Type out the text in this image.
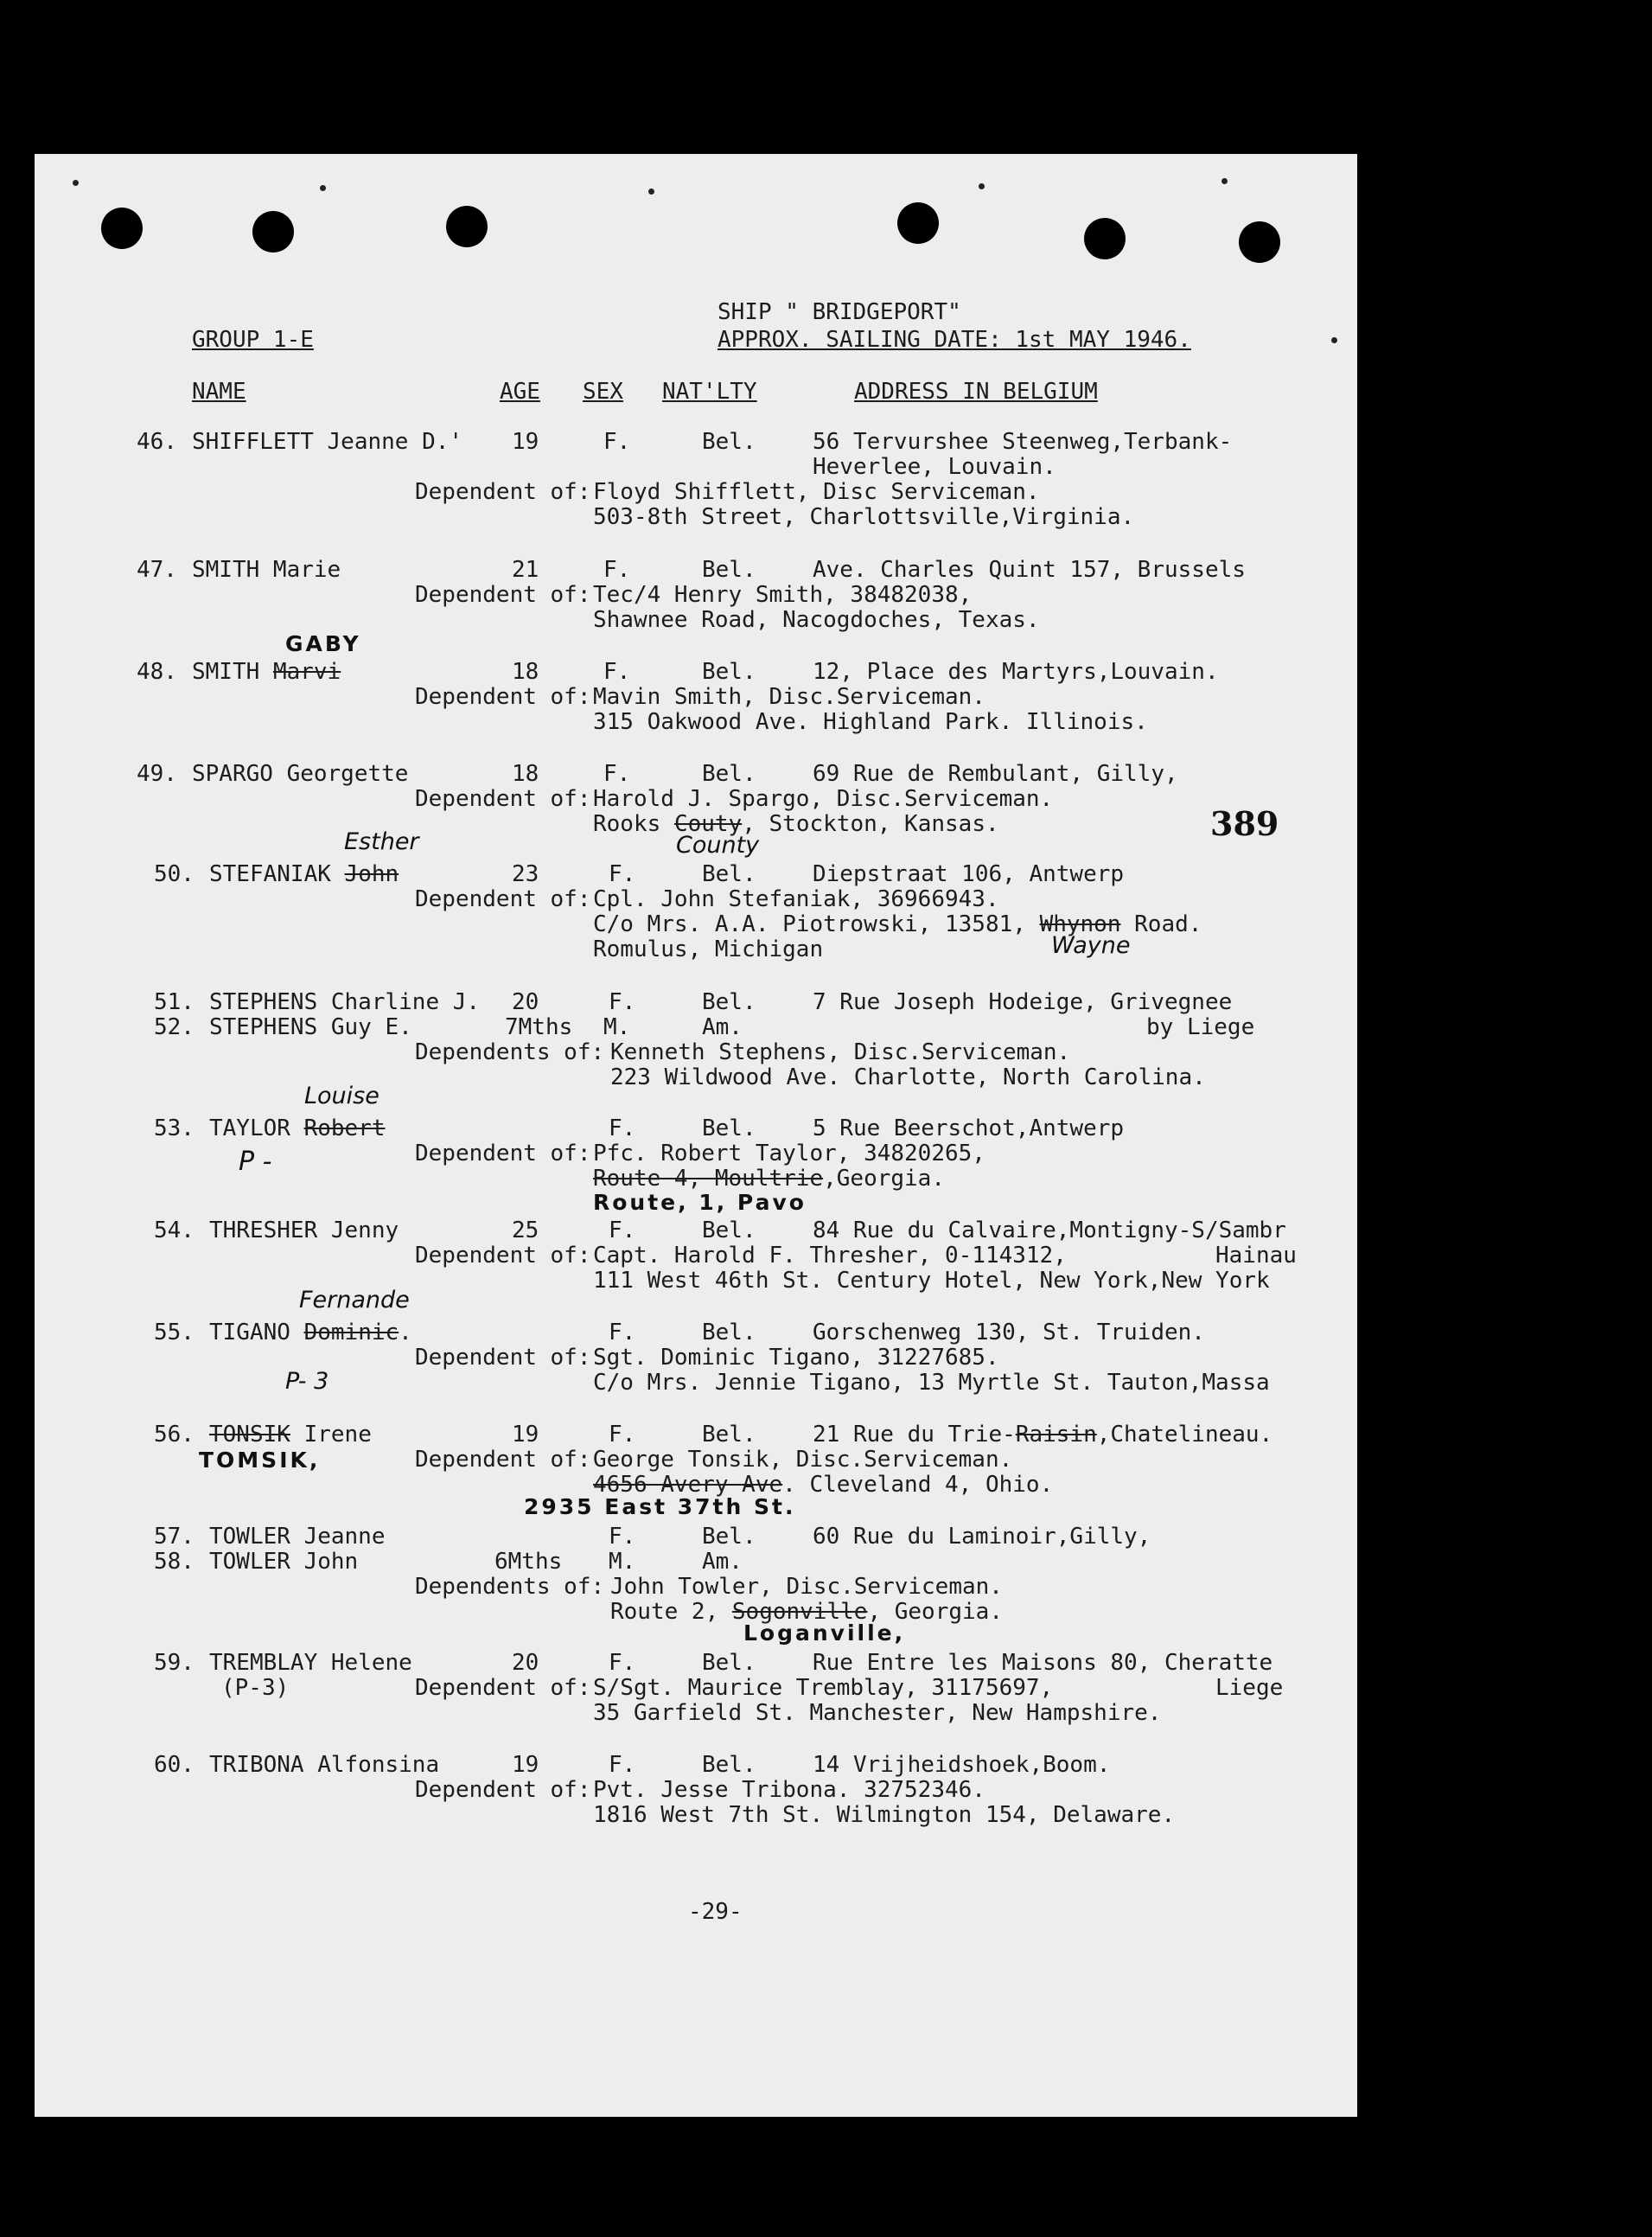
SHIP " BRIDGEPORT"
GROUP 1-E	APPROX. SAILING DATE: 1st MAY 1946.
NAME	AGE SEX NAT'LTY	ADDRESS IN BELGIUM
46. SHIFFLETT Jeanne D.' 19	F.	Bel.	56 Tervurshee Steenweg,Terbank-
Heverlee, Louvain.
Dependent of: Floyd Shifflett, Disc Serviceman.
503-8th Street, Charlottsville,Virginia.
47. SMITH Marie	21	F.	Bel.	Ave. Charles Quint 157, Brussels
Dependent of: Tec/4 Henry Smith, 38482038,
Shawnee Road, Nacogdoches, Texas.
GABY
48. SMITH Marvi	18	F.	Bel.	12, Place des Martyrs,Louvain.
Dependent of: Mavin Smith, Disc.Serviceman.
315 Oakwood Ave. Highland Park. Illinois.
49. SPARGO Georgette	18	F.	Bel.	69 Rue de Rembulant, Gilly,
Dependent of: Harold J. Spargo, Disc.Serviceman.
Rooks Couty, Stockton, Kansas.	389
Esther	County
50. STEFANIAK John	23	F.	Bel.	Diepstraat 106, Antwerp
Dependent of: Cpl. John Stefaniak, 36966943.
C/o Mrs. A.A. Piotrowski, 13581, Whynon Road.
Romulus, Michigan	Wayne
51. STEPHENS Charline J. 20	F.	Bel.	7 Rue Joseph Hodeige, Grivegnee
52. STEPHENS Guy E.	7Mths M.	Am.	by Liege
Dependents of: Kenneth Stephens, Disc.Serviceman.
223 Wildwood Ave. Charlotte, North Carolina.
Louise
53. TAYLOR Robert	F.	Bel.	5 Rue Beerschot,Antwerp
P -	Dependent of: Pfc. Robert Taylor, 34820265,
Route 4, Moultrie,Georgia.
Route, 1, Pavo
54. THRESHER Jenny	25	F.	Bel.	84 Rue du Calvaire,Montigny-S/Sambr
Dependent of: Capt. Harold F. Thresher, 0-114312,	Hainau
111 West 46th St. Century Hotel, New York,New York
Fernande
55. TIGANO Dominic.	F.	Bel.	Gorschenweg 130, St. Truiden.
Dependent of: Sgt. Dominic Tigano, 31227685.
P- 3	C/o Mrs. Jennie Tigano, 13 Myrtle St. Tauton,Massa
56. TONSIK Irene	19	F.	Bel.	21 Rue du Trie-Raisin,Chatelineau.
TOMSIK,	Dependent of: George Tonsik, Disc.Serviceman.
4656 Avery Ave. Cleveland 4, Ohio.
2935 East 37th St.
57. TOWLER Jeanne	F.	Bel.	60 Rue du Laminoir,Gilly,
58. TOWLER John	6Mths M.	Am.
Dependents of: John Towler, Disc.Serviceman.
Route 2, Sogonville, Georgia.
Loganville,
59. TREMBLAY Helene	20	F.	Bel.	Rue Entre les Maisons 80, Cheratte
(P-3)	Dependent of: S/Sgt. Maurice Tremblay, 31175697,	Liege
35 Garfield St. Manchester, New Hampshire.
60. TRIBONA Alfonsina	19	F.	Bel.	14 Vrijheidshoek,Boom.
Dependent of: Pvt. Jesse Tribona. 32752346.
1816 West 7th St. Wilmington 154, Delaware.
-29-
